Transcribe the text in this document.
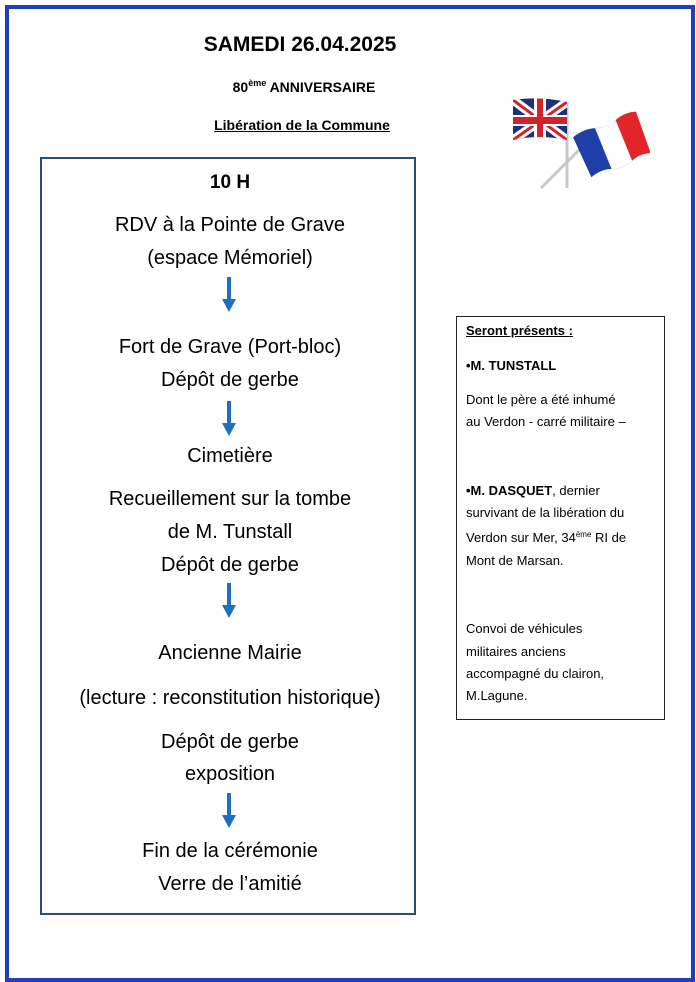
SAMEDI 26.04.2025
80ème ANNIVERSAIRE
Libération de la Commune
10 H
RDV à la Pointe de Grave
(espace Mémoriel)
Fort de Grave (Port-bloc)
Dépôt de gerbe
Cimetière
Recueillement sur la tombe
de M. Tunstall
Dépôt de gerbe
Ancienne Mairie
(lecture : reconstitution historique)
Dépôt de gerbe
exposition
Fin de la cérémonie
Verre de l’amitié
Seront présents :
•M. TUNSTALL
Dont le père a été inhumé
au Verdon - carré militaire –
•M. DASQUET, dernier
survivant de la libération du
Verdon sur Mer, 34ème RI de
Mont de Marsan.
Convoi de véhicules
militaires anciens
accompagné du clairon,
M.Lagune.
